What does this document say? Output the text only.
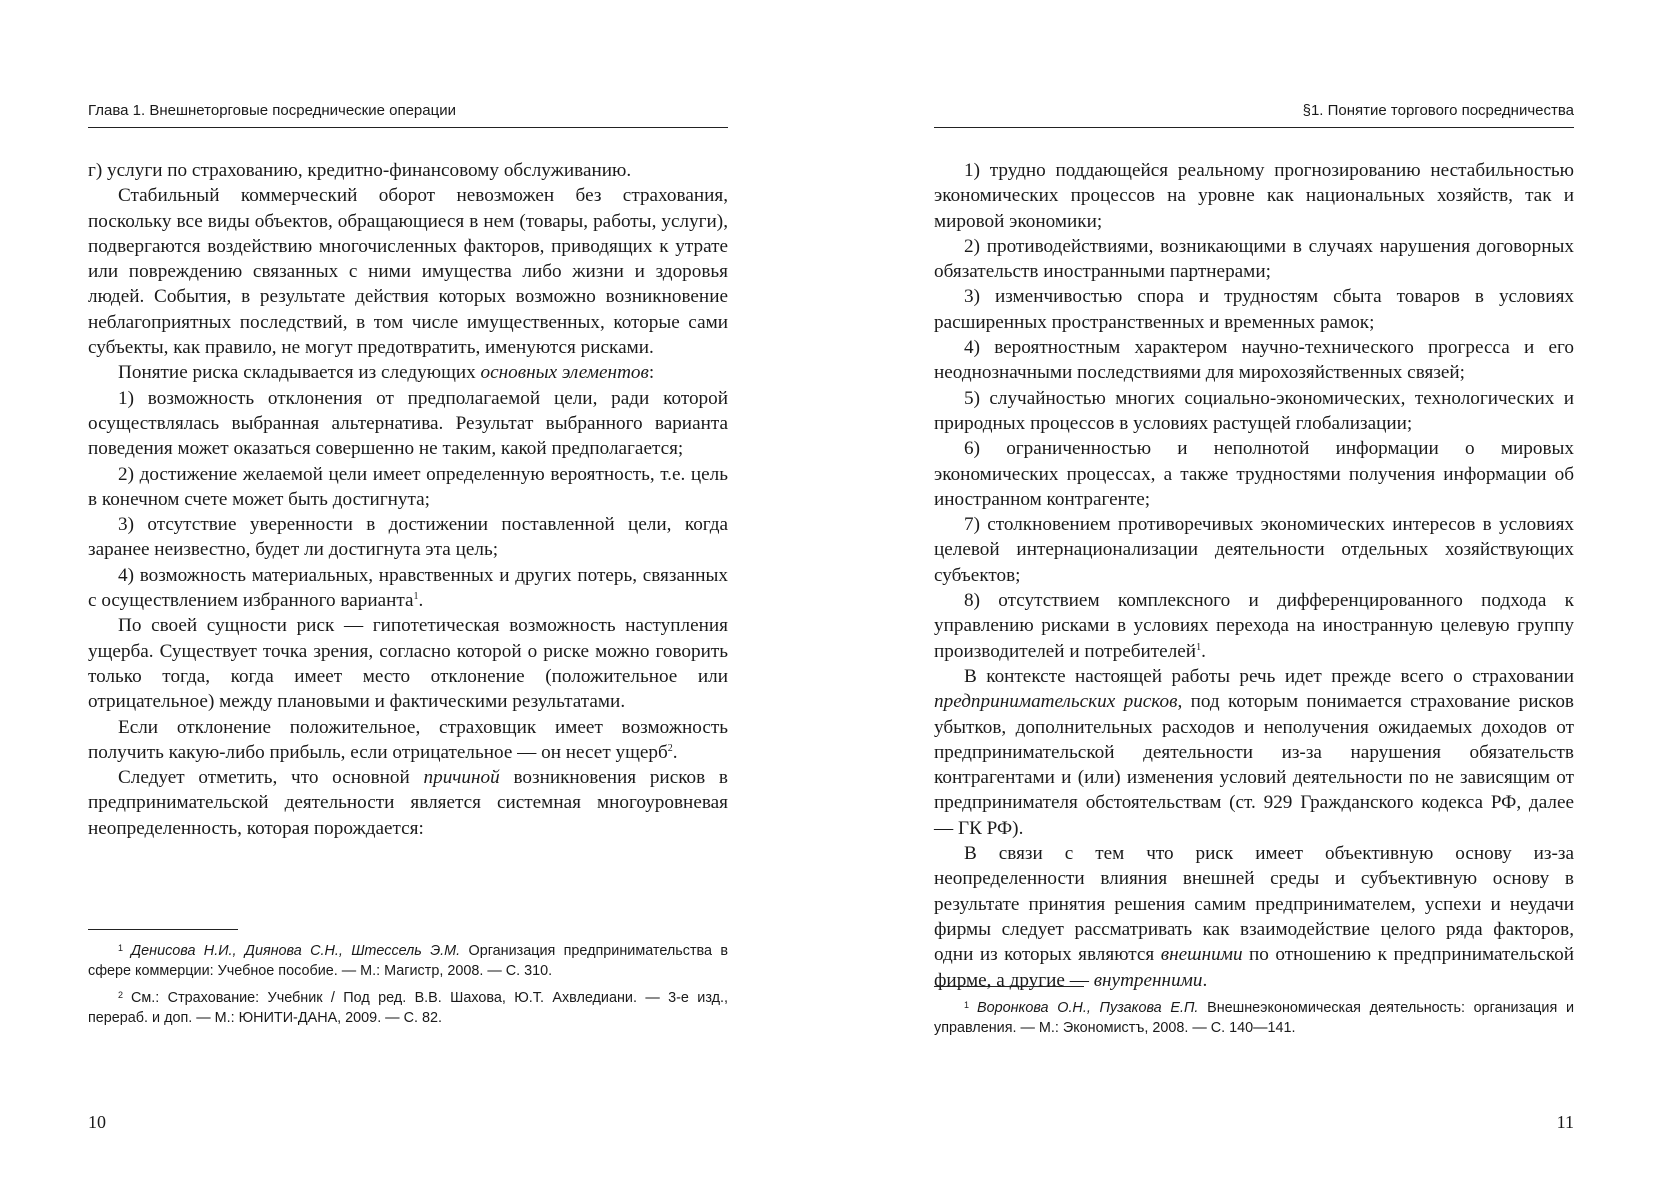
Глава 1. Внешнеторговые посреднические операции

г) услуги по страхованию, кредитно-финансовому обслуживанию.

Стабильный коммерческий оборот невозможен без страхования, поскольку все виды объектов, обращающиеся в нем (товары, работы, услуги), подвергаются воздействию многочисленных факторов, приводящих к утрате или повреждению связанных с ними имущества либо жизни и здоровья людей. События, в результате действия которых возможно возникновение неблагоприятных последствий, в том числе имущественных, которые сами субъекты, как правило, не могут предотвратить, именуются рисками.

Понятие риска складывается из следующих основных элементов:

1) возможность отклонения от предполагаемой цели, ради которой осуществлялась выбранная альтернатива. Результат выбранного варианта поведения может оказаться совершенно не таким, какой предполагается;

2) достижение желаемой цели имеет определенную вероятность, т.е. цель в конечном счете может быть достигнута;

3) отсутствие уверенности в достижении поставленной цели, когда заранее неизвестно, будет ли достигнута эта цель;

4) возможность материальных, нравственных и других потерь, связанных с осуществлением избранного варианта$^1$.

По своей сущности риск — гипотетическая возможность наступления ущерба. Существует точка зрения, согласно которой о риске можно говорить только тогда, когда имеет место отклонение (положительное или отрицательное) между плановыми и фактическими результатами.

Если отклонение положительное, страховщик имеет возможность получить какую-либо прибыль, если отрицательное — он несет ущерб$^2$.

Следует отметить, что основной причиной возникновения рисков в предпринимательской деятельности является системная многоуровневая неопределенность, которая порождается:

$^1$ Денисова Н.И., Диянова С.Н., Штессель Э.М. Организация предпринимательства в сфере коммерции: Учебное пособие. — М.: Магистр, 2008. — С. 310.

$^2$ См.: Страхование: Учебник / Под ред. В.В. Шахова, Ю.Т. Ахвледиани. — 3-е изд., перераб. и доп. — М.: ЮНИТИ-ДАНА, 2009. — С. 82.

10
§1. Понятие торгового посредничества

1) трудно поддающейся реальному прогнозированию нестабильностью экономических процессов на уровне как национальных хозяйств, так и мировой экономики;

2) противодействиями, возникающими в случаях нарушения договорных обязательств иностранными партнерами;

3) изменчивостью спора и трудностям сбыта товаров в условиях расширенных пространственных и временных рамок;

4) вероятностным характером научно-технического прогресса и его неоднозначными последствиями для мирохозяйственных связей;

5) случайностью многих социально-экономических, технологических и природных процессов в условиях растущей глобализации;

6) ограниченностью и неполнотой информации о мировых экономических процессах, а также трудностями получения информации об иностранном контрагенте;

7) столкновением противоречивых экономических интересов в условиях целевой интернационализации деятельности отдельных хозяйствующих субъектов;

8) отсутствием комплексного и дифференцированного подхода к управлению рисками в условиях перехода на иностранную целевую группу производителей и потребителей$^1$.

В контексте настоящей работы речь идет прежде всего о страховании предпринимательских рисков, под которым понимается страхование рисков убытков, дополнительных расходов и неполучения ожидаемых доходов от предпринимательской деятельности из-за нарушения обязательств контрагентами и (или) изменения условий деятельности по не зависящим от предпринимателя обстоятельствам (ст. 929 Гражданского кодекса РФ, далее — ГК РФ).

В связи с тем что риск имеет объективную основу из-за неопределенности влияния внешней среды и субъективную основу в результате принятия решения самим предпринимателем, успехи и неудачи фирмы следует рассматривать как взаимодействие целого ряда факторов, одни из которых являются внешними по отношению к предпринимательской фирме, а другие — внутренними.

$^1$ Воронкова О.Н., Пузакова Е.П. Внешнеэкономическая деятельность: организация и управления. — М.: Экономистъ, 2008. — С. 140—141.

11
